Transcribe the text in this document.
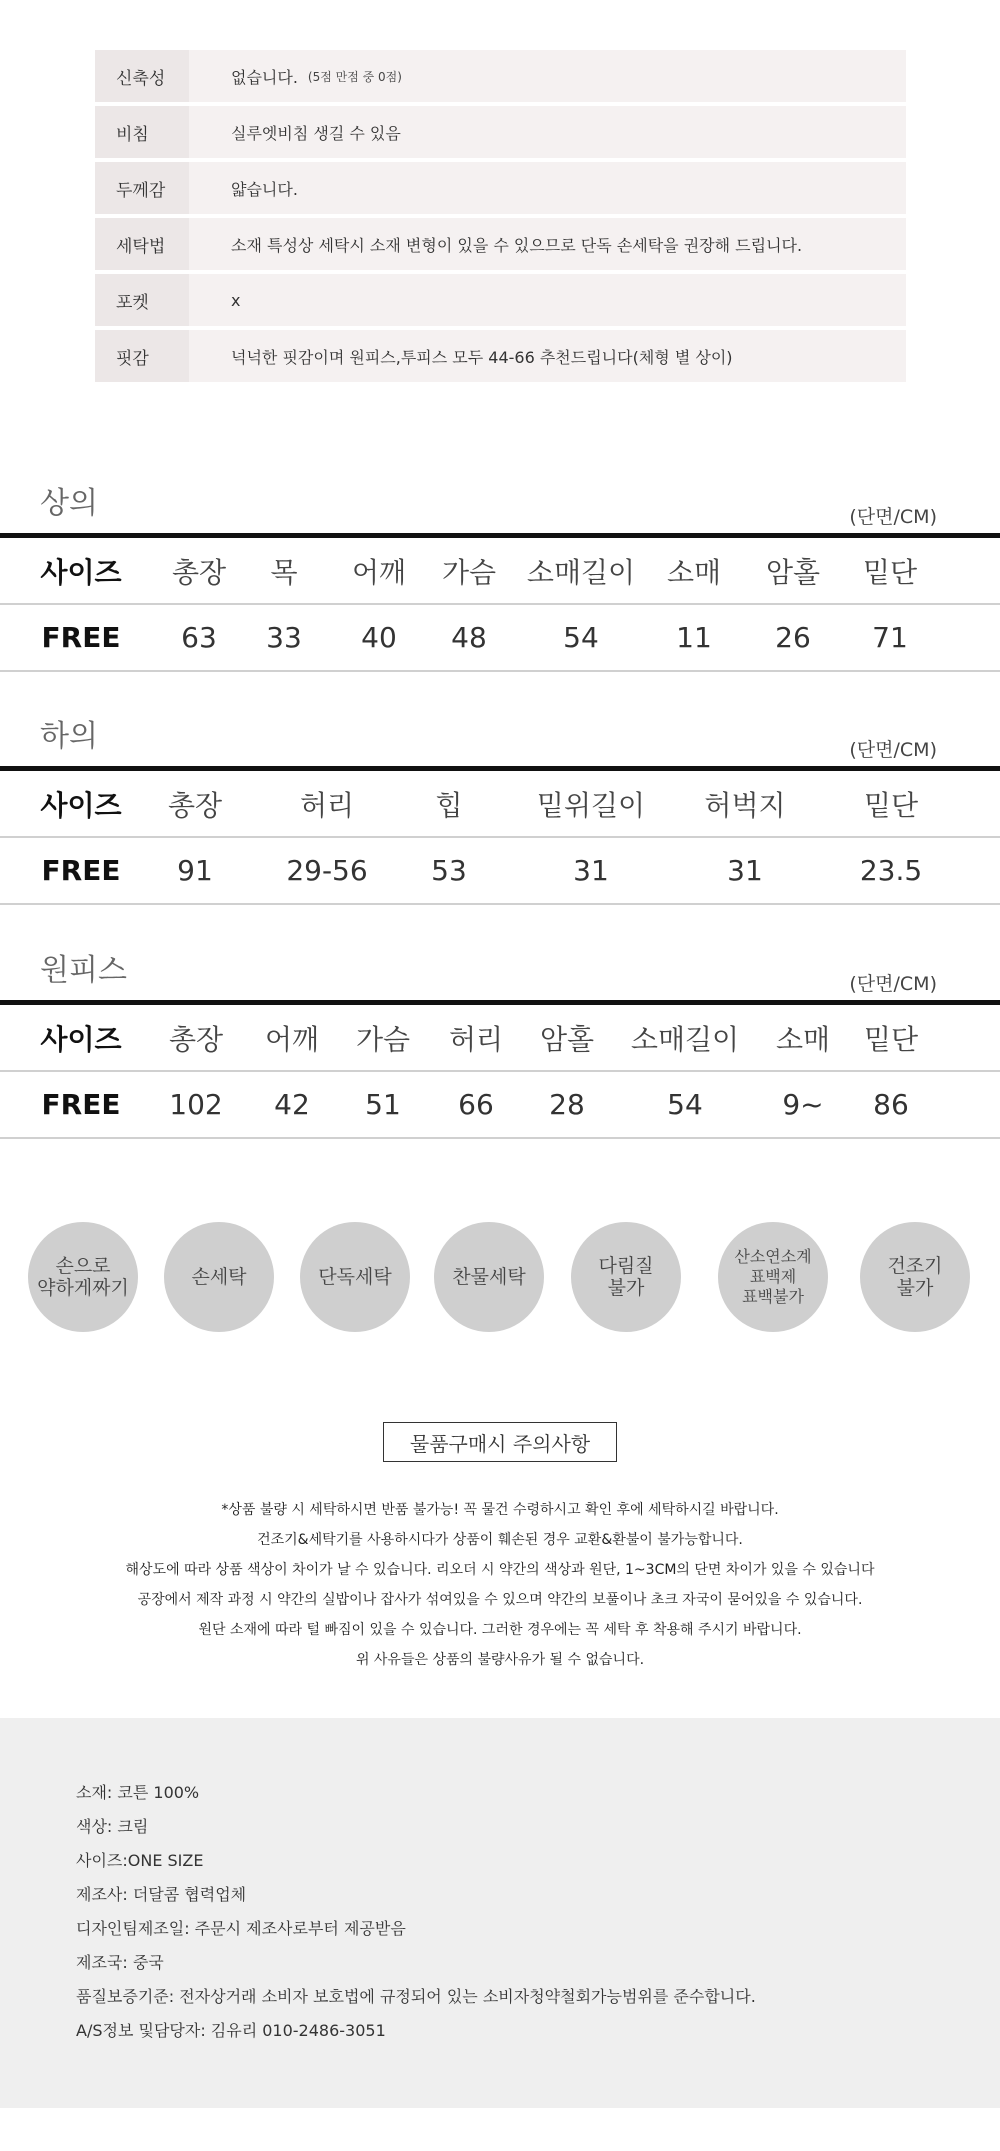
신축성	없습니다. (5점 만점 중 0점)
비침	실루엣비침 생길 수 있음
두께감	얇습니다.
세탁법	소재 특성상 세탁시 소재 변형이 있을 수 있으므로 단독 손세탁을 권장해 드립니다.
포켓	x
핏감	넉넉한 핏감이며 원피스,투피스 모두 44-66 추천드립니다(체형 별 상이)
상의	(단면/CM)
사이즈 총장 목 어깨 가슴 소매길이 소매 암홀 밑단
FREE 63 33 40 48	54	11 26 71
하의	(단면/CM)
사이즈 총장	허리	힙	밑위길이 허벅지	밑단
FREE 91	29-56 53	31	31	23.5
원피스	(단면/CM)
사이즈 총장 어깨 가슴 허리 암홀 소매길이 소매 밑단
FREE 102 42 51 66 28	54	9~ 86
손으로
약하게짜기	손세탁	단독세탁	찬물세탁	다림질
불가
산소연소계
표백제
표백불가
건조기
불가
물품구매시 주의사항
*상품 불량 시 세탁하시면 반품 불가능! 꼭 물건 수령하시고 확인 후에 세탁하시길 바랍니다.
건조기&세탁기를 사용하시다가 상품이 훼손된 경우 교환&환불이 불가능합니다.
해상도에 따라 상품 색상이 차이가 날 수 있습니다. 리오더 시 약간의 색상과 원단, 1~3CM의 단면 차이가 있을 수 있습니다
공장에서 제작 과정 시 약간의 실밥이나 잡사가 섞여있을 수 있으며 약간의 보풀이나 초크 자국이 묻어있을 수 있습니다.
원단 소재에 따라 털 빠짐이 있을 수 있습니다. 그러한 경우에는 꼭 세탁 후 착용해 주시기 바랍니다.
위 사유들은 상품의 불량사유가 될 수 없습니다.
소재: 코튼 100%
색상: 크림
사이즈:ONE SIZE
제조사: 더달콤 협력업체
디자인팀제조일: 주문시 제조사로부터 제공받음
제조국: 중국
품질보증기준: 전자상거래 소비자 보호법에 규정되어 있는 소비자청약철회가능범위를 준수합니다.
A/S정보 및담당자: 김유리 010-2486-3051
